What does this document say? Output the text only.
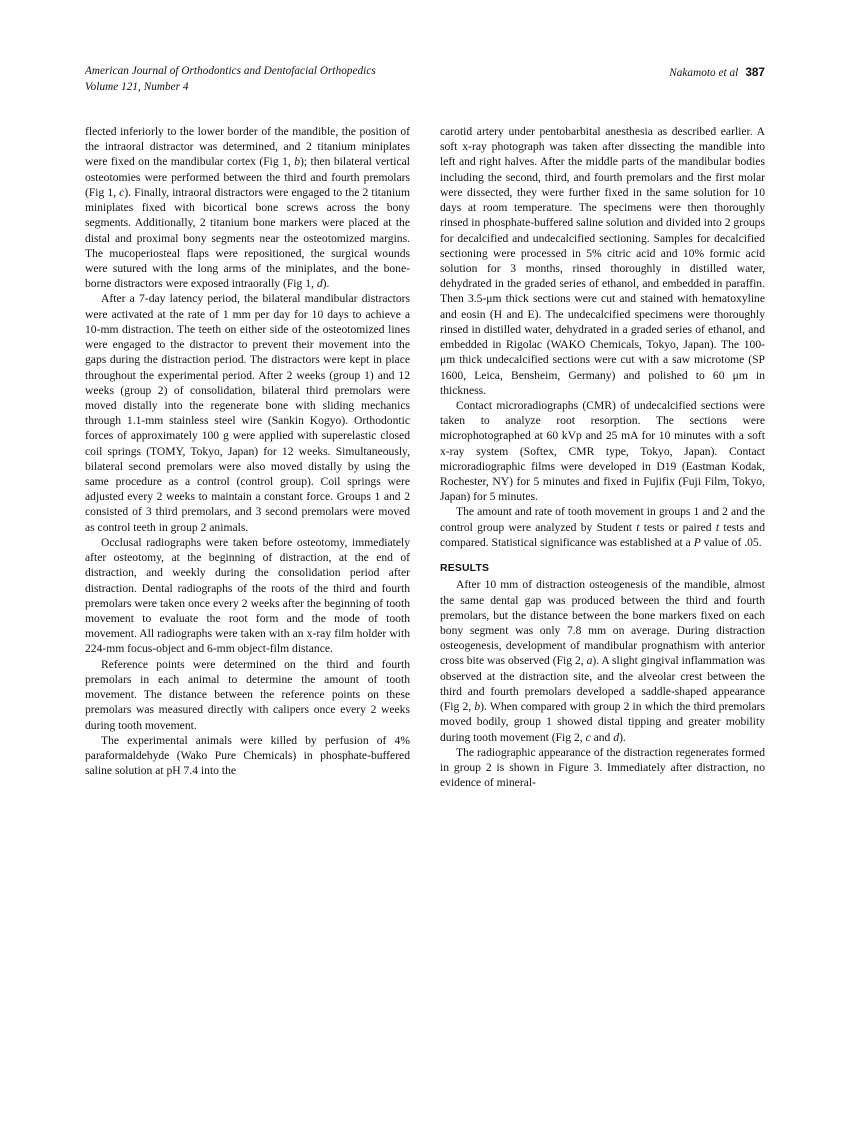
American Journal of Orthodontics and Dentofacial Orthopedics
Volume 121, Number 4
Nakamoto et al 387

flected inferiorly to the lower border of the mandible, the position of the intraoral distractor was determined, and 2 titanium miniplates were fixed on the mandibular cortex (Fig 1, b); then bilateral vertical osteotomies were performed between the third and fourth premolars (Fig 1, c). Finally, intraoral distractors were engaged to the 2 titanium miniplates fixed with bicortical bone screws across the bony segments. Additionally, 2 titanium bone markers were placed at the distal and proximal bony segments near the osteotomized margins. The mucoperiosteal flaps were repositioned, the surgical wounds were sutured with the long arms of the miniplates, and the bone-borne distractors were exposed intraorally (Fig 1, d).

After a 7-day latency period, the bilateral mandibular distractors were activated at the rate of 1 mm per day for 10 days to achieve a 10-mm distraction. The teeth on either side of the osteotomized lines were engaged to the distractor to prevent their movement into the gaps during the distraction period. The distractors were kept in place throughout the experimental period. After 2 weeks (group 1) and 12 weeks (group 2) of consolidation, bilateral third premolars were moved distally into the regenerate bone with sliding mechanics through 1.1-mm stainless steel wire (Sankin Kogyo). Orthodontic forces of approximately 100 g were applied with superelastic closed coil springs (TOMY, Tokyo, Japan) for 12 weeks. Simultaneously, bilateral second premolars were also moved distally by using the same procedure as a control (control group). Coil springs were adjusted every 2 weeks to maintain a constant force. Groups 1 and 2 consisted of 3 third premolars, and 3 second premolars were moved as control teeth in group 2 animals.

Occlusal radiographs were taken before osteotomy, immediately after osteotomy, at the beginning of distraction, at the end of distraction, and weekly during the consolidation period after distraction. Dental radiographs of the roots of the third and fourth premolars were taken once every 2 weeks after the beginning of tooth movement to evaluate the root form and the mode of tooth movement. All radiographs were taken with an x-ray film holder with 224-mm focus-object and 6-mm object-film distance.

Reference points were determined on the third and fourth premolars in each animal to determine the amount of tooth movement. The distance between the reference points on these premolars was measured directly with calipers once every 2 weeks during tooth movement.

The experimental animals were killed by perfusion of 4% paraformaldehyde (Wako Pure Chemicals) in phosphate-buffered saline solution at pH 7.4 into the

carotid artery under pentobarbital anesthesia as described earlier. A soft x-ray photograph was taken after dissecting the mandible into left and right halves. After the middle parts of the mandibular bodies including the second, third, and fourth premolars and the first molar were dissected, they were further fixed in the same solution for 10 days at room temperature. The specimens were then thoroughly rinsed in phosphate-buffered saline solution and divided into 2 groups for decalcified and undecalcified sectioning. Samples for decalcified sectioning were processed in 5% citric acid and 10% formic acid solution for 3 months, rinsed thoroughly in distilled water, dehydrated in the graded series of ethanol, and embedded in paraffin. Then 3.5-μm thick sections were cut and stained with hematoxyline and eosin (H and E). The undecalcified specimens were thoroughly rinsed in distilled water, dehydrated in a graded series of ethanol, and embedded in Rigolac (WAKO Chemicals, Tokyo, Japan). The 100-μm thick undecalcified sections were cut with a saw microtome (SP 1600, Leica, Bensheim, Germany) and polished to 60 μm in thickness.

Contact microradiographs (CMR) of undecalcified sections were taken to analyze root resorption. The sections were microphotographed at 60 kVp and 25 mA for 10 minutes with a soft x-ray system (Softex, CMR type, Tokyo, Japan). Contact microradiographic films were developed in D19 (Eastman Kodak, Rochester, NY) for 5 minutes and fixed in Fujifix (Fuji Film, Tokyo, Japan) for 5 minutes.

The amount and rate of tooth movement in groups 1 and 2 and the control group were analyzed by Student t tests or paired t tests and compared. Statistical significance was established at a P value of .05.

RESULTS

After 10 mm of distraction osteogenesis of the mandible, almost the same dental gap was produced between the third and fourth premolars, but the distance between the bone markers fixed on each bony segment was only 7.8 mm on average. During distraction osteogenesis, development of mandibular prognathism with anterior cross bite was observed (Fig 2, a). A slight gingival inflammation was observed at the distraction site, and the alveolar crest between the third and fourth premolars developed a saddle-shaped appearance (Fig 2, b). When compared with group 2 in which the third premolars moved bodily, group 1 showed distal tipping and greater mobility during tooth movement (Fig 2, c and d).

The radiographic appearance of the distraction regenerates formed in group 2 is shown in Figure 3. Immediately after distraction, no evidence of mineral-
